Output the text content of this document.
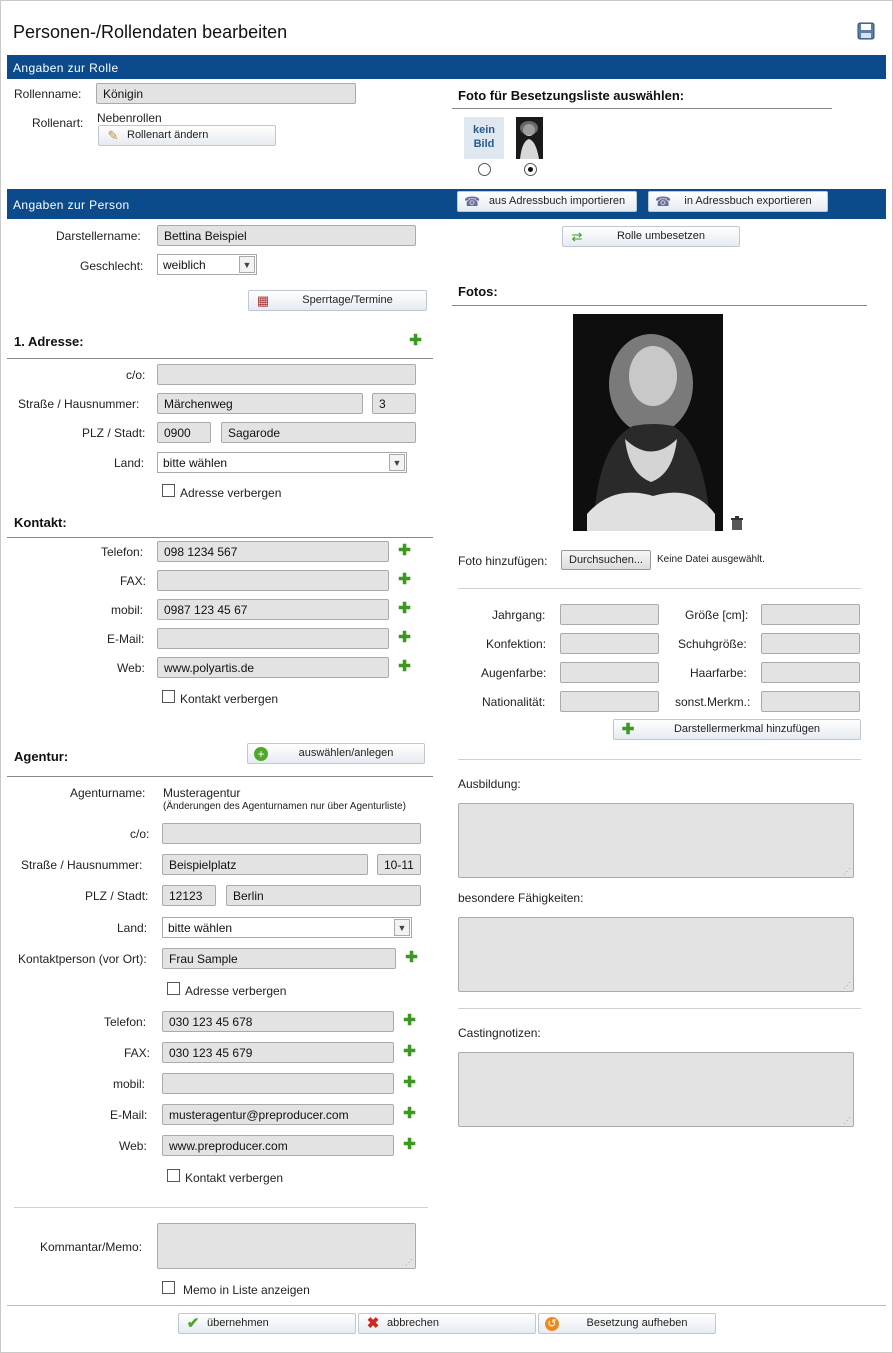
Personen-/Rollendaten bearbeiten
Angaben zur Rolle
Rollenname:	Königin
Rollenart: Nebenrollen
✎ Rollenart ändern
Foto für Besetzungsliste auswählen:
kein Bild
Angaben zur Person	☎ aus Adressbuch importieren	☎	in Adressbuch exportieren
⇄	Rolle umbesetzen
Darstellername:	Bettina Beispiel
Geschlecht:	weiblich	▼
▦	Sperrtage/Termine
1. Adresse:	✚
c/o:
Straße / Hausnummer:	Märchenweg	3
PLZ / Stadt:	0900	Sagarode
Land:	bitte wählen	▼
Adresse verbergen
Kontakt:
Telefon:	098 1234 567	✚
FAX:	✚
mobil:	0987 123 45 67	✚
E-Mail:	✚
Web:	www.polyartis.de	✚
Kontakt verbergen
Agentur:	+	auswählen/anlegen
Agenturname: Musteragentur
(Änderungen des Agenturnamen nur über Agenturliste)
c/o:
Straße / Hausnummer:	Beispielplatz	10-11
PLZ / Stadt:	12123	Berlin
Land:	bitte wählen	▼
Kontaktperson (vor Ort):	Frau Sample	✚
Adresse verbergen
Telefon:	030 123 45 678	✚
FAX:	030 123 45 679	✚
mobil:	✚
E-Mail:	musteragentur@preproducer.com	✚
Web:	www.preproducer.com	✚
Kontakt verbergen
Kommantar/Memo:
⋰
Memo in Liste anzeigen
Fotos:
Foto hinzufügen:	Durchsuchen...	Keine Datei ausgewählt.
Jahrgang:	Größe [cm]:
Konfektion:	Schuhgröße:
Augenfarbe:	Haarfarbe:
Nationalität:	sonst.Merkm.:
✚	Darstellermerkmal hinzufügen
Ausbildung:
⋰
besondere Fähigkeiten:
⋰
Castingnotizen:
⋰
✔ übernehmen	✖ abbrechen	↺	Besetzung aufheben
